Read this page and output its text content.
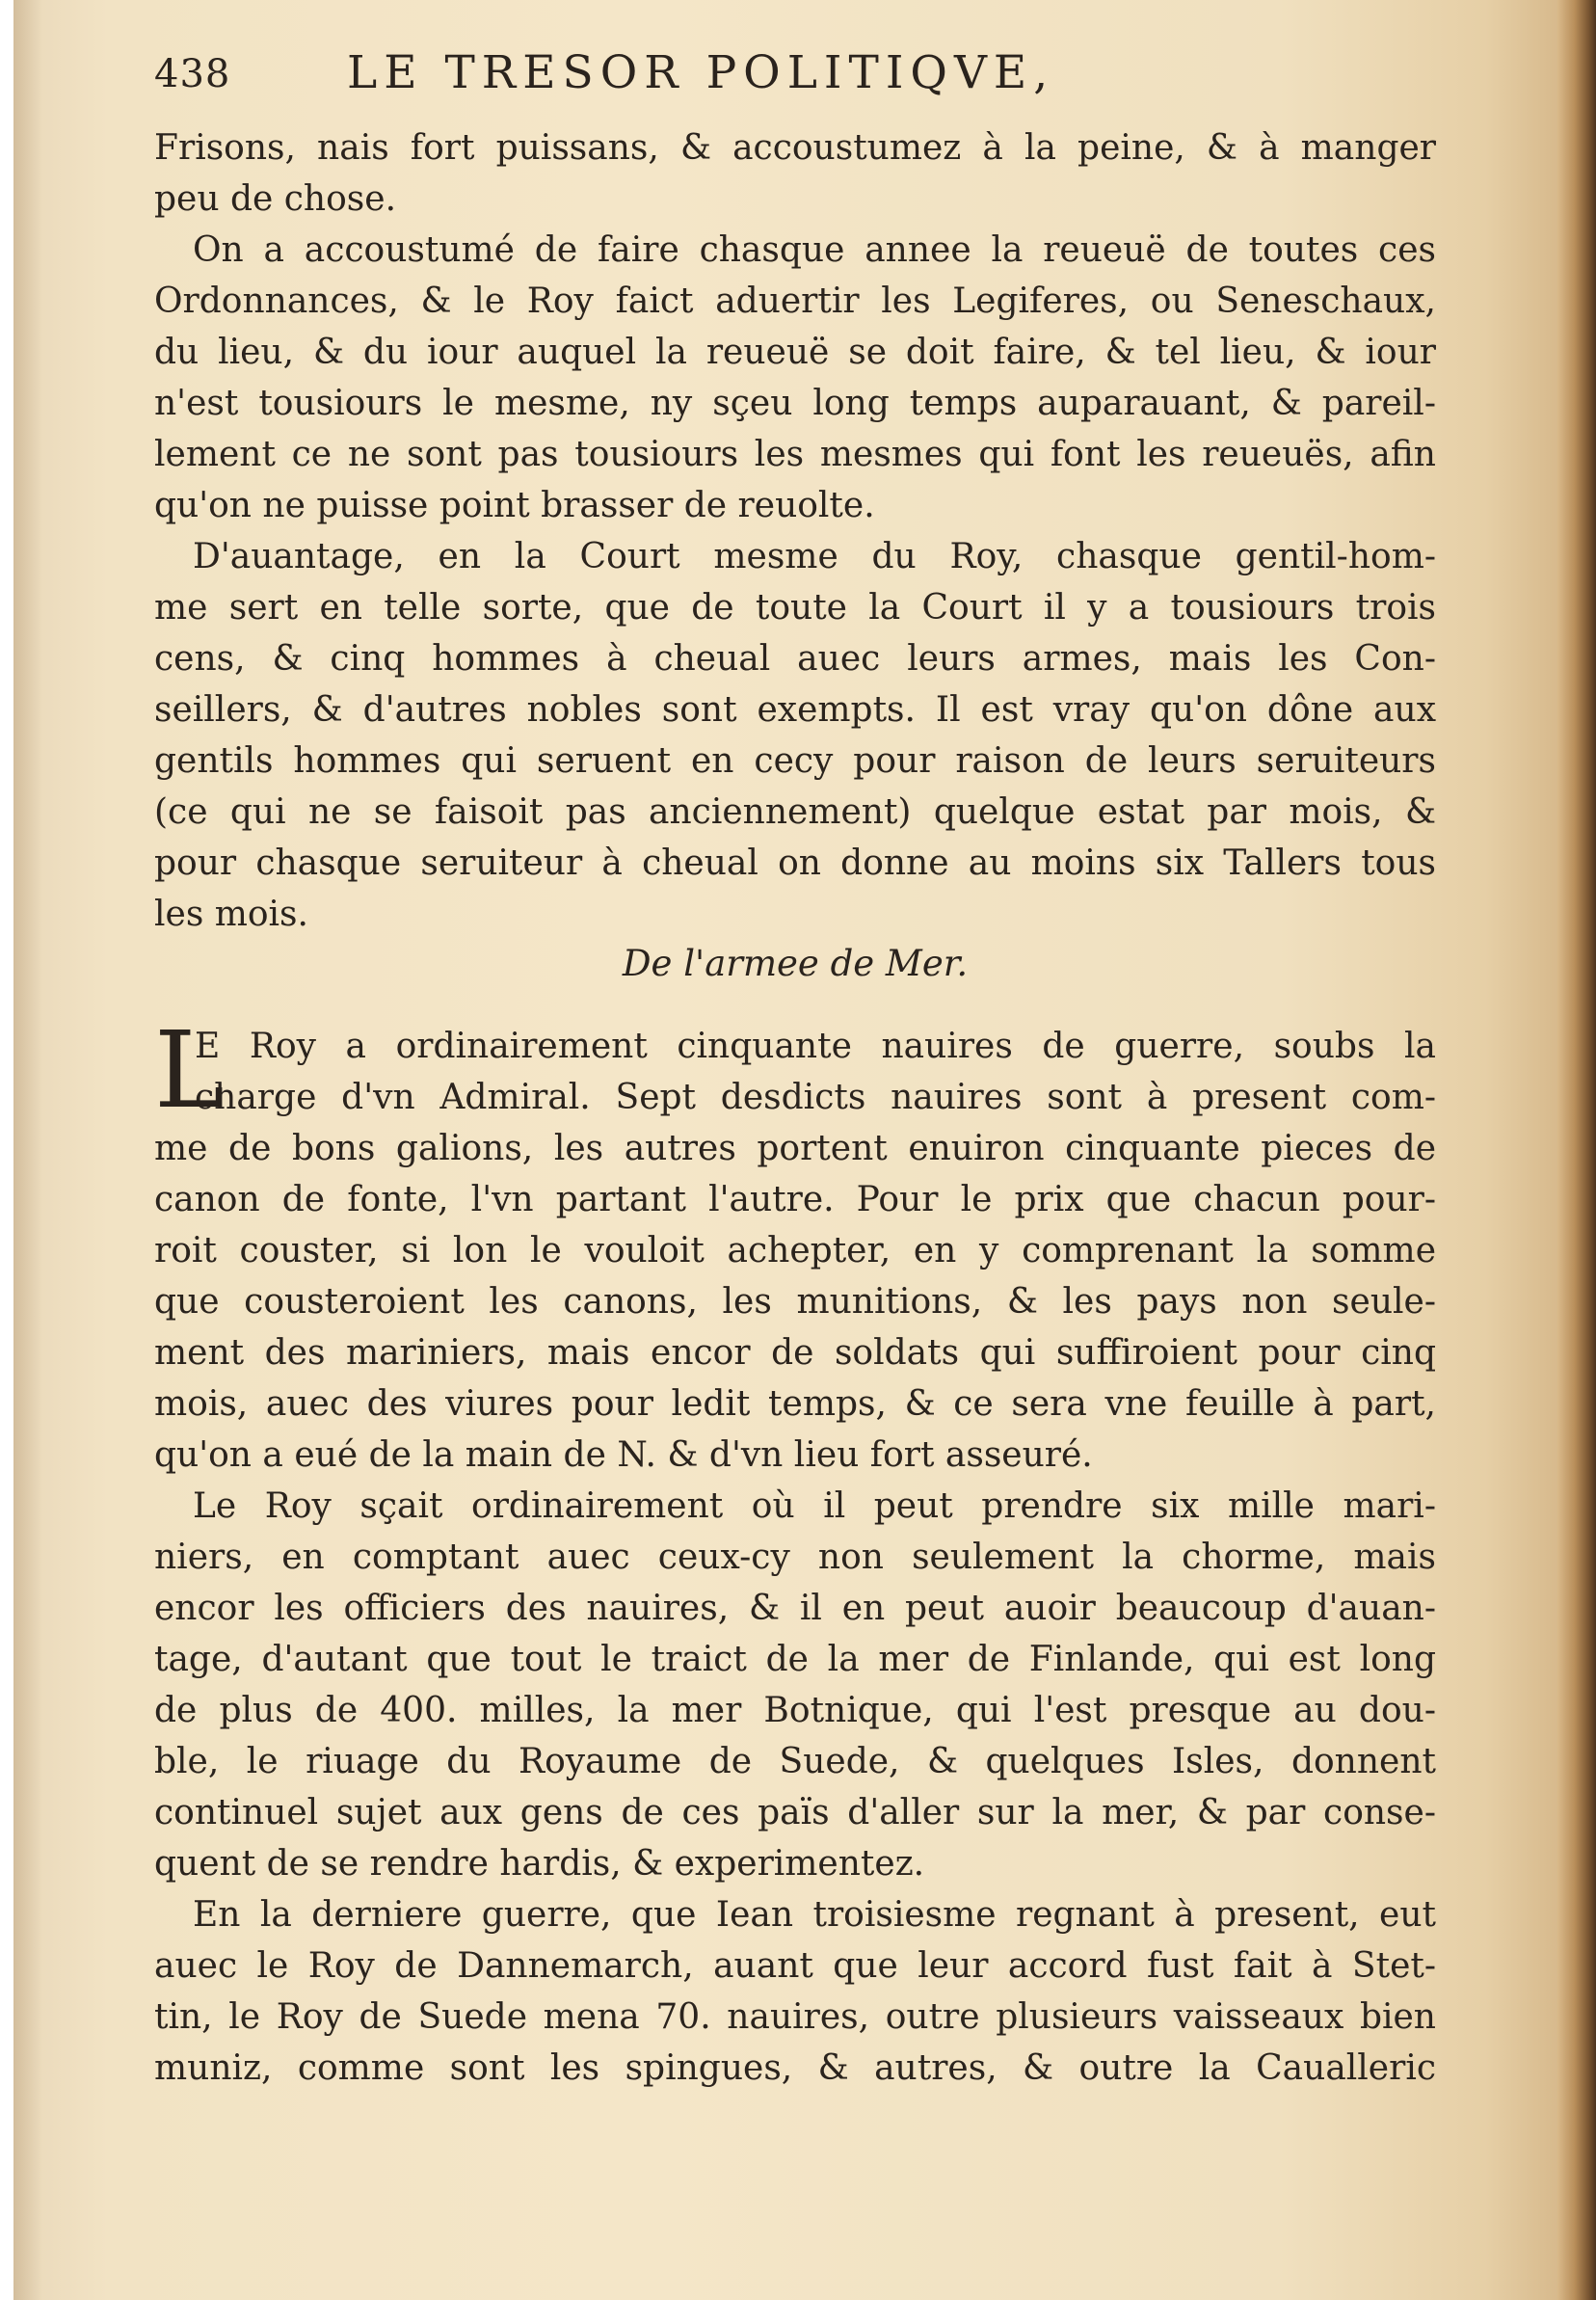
438	LE TRESOR POLITIQVE,
Frisons, nais fort puissans, & accoustumez à la peine, & à manger
peu de chose.
On a accoustumé de faire chasque annee la reueuë de toutes ces
Ordonnances, & le Roy faict aduertir les Legiferes, ou Seneschaux,
du lieu, & du iour auquel la reueuë se doit faire, & tel lieu, & iour
n'est tousiours le mesme, ny sçeu long temps auparauant, & pareil-
lement ce ne sont pas tousiours les mesmes qui font les reueuës, afin
qu'on ne puisse point brasser de reuolte.
D'auantage, en la Court mesme du Roy, chasque gentil-hom-
me sert en telle sorte, que de toute la Court il y a tousiours trois
cens, & cinq hommes à cheual auec leurs armes, mais les Con-
seillers, & d'autres nobles sont exempts. Il est vray qu'on dône aux
gentils hommes qui seruent en cecy pour raison de leurs seruiteurs
(ce qui ne se faisoit pas anciennement) quelque estat par mois, &
pour chasque seruiteur à cheual on donne au moins six Tallers tous
les mois.
De l'armee de Mer.
L
E Roy a ordinairement cinquante nauires de guerre, soubs la
charge d'vn Admiral. Sept desdicts nauires sont à present com-
me de bons galions, les autres portent enuiron cinquante pieces de
canon de fonte, l'vn partant l'autre. Pour le prix que chacun pour-
roit couster, si lon le vouloit achepter, en y comprenant la somme
que cousteroient les canons, les munitions, & les pays non seule-
ment des mariniers, mais encor de soldats qui suffiroient pour cinq
mois, auec des viures pour ledit temps, & ce sera vne feuille à part,
qu'on a eué de la main de N. & d'vn lieu fort asseuré.
Le Roy sçait ordinairement où il peut prendre six mille mari-
niers, en comptant auec ceux-cy non seulement la chorme, mais
encor les officiers des nauires, & il en peut auoir beaucoup d'auan-
tage, d'autant que tout le traict de la mer de Finlande, qui est long
de plus de 400. milles, la mer Botnique, qui l'est presque au dou-
ble, le riuage du Royaume de Suede, & quelques Isles, donnent
continuel sujet aux gens de ces païs d'aller sur la mer, & par conse-
quent de se rendre hardis, & experimentez.
En la derniere guerre, que Iean troisiesme regnant à present, eut
auec le Roy de Dannemarch, auant que leur accord fust fait à Stet-
tin, le Roy de Suede mena 70. nauires, outre plusieurs vaisseaux bien
muniz, comme sont les spingues, & autres, & outre la Caualleric
